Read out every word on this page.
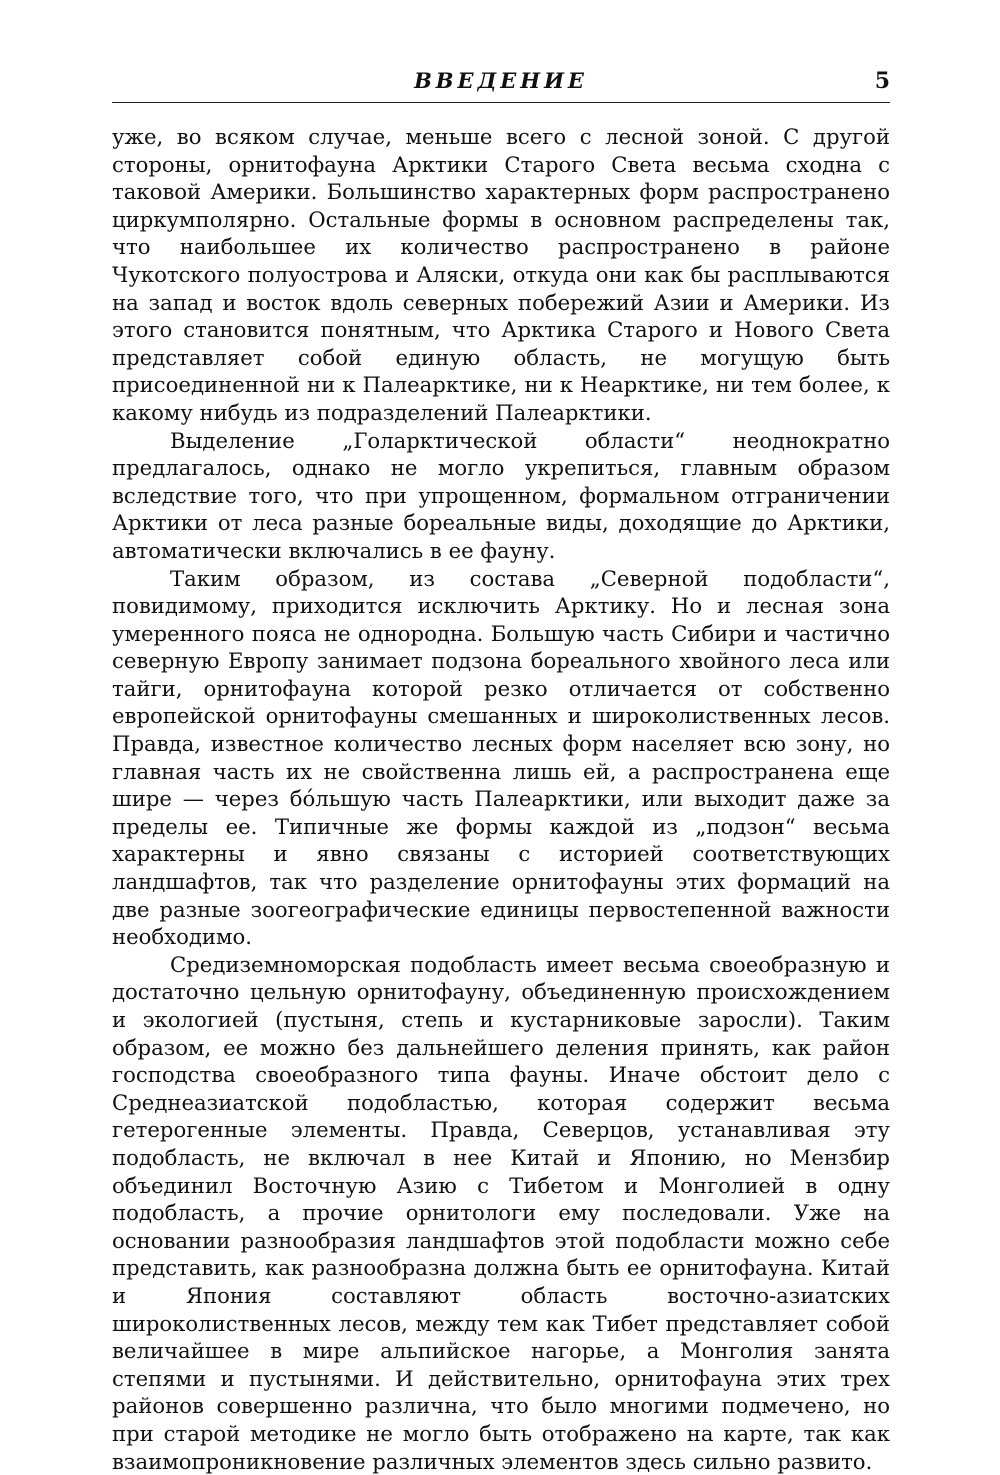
ВВЕДЕНИЕ	5

уже, во всяком случае, меньше всего с лесной зоной. С другой стороны, орнитофауна Арктики Старого Света весьма сходна с таковой Америки. Большинство характерных форм распространено циркумполярно. Остальные формы в основном распределены так, что наибольшее их количество распространено в районе Чукотского полуострова и Аляски, откуда они как бы расплываются на запад и восток вдоль северных побережий Азии и Америки. Из этого становится понятным, что Арктика Старого и Нового Света представляет собой единую область, не могущую быть присоединенной ни к Палеарктике, ни к Неарктике, ни тем более, к какому нибудь из подразделений Палеарктики.

Выделение „Голарктической области“ неоднократно предлагалось, однако не могло укрепиться, главным образом вследствие того, что при упрощенном, формальном отграничении Арктики от леса разные бореальные виды, доходящие до Арктики, автоматически включались в ее фауну.

Таким образом, из состава „Северной подобласти“, повидимому, приходится исключить Арктику. Но и лесная зона умеренного пояса не однородна. Большую часть Сибири и частично северную Европу занимает подзона бореального хвойного леса или тайги, орнитофауна которой резко отличается от собственно европейской орнитофауны смешанных и широколиственных лесов. Правда, известное количество лесных форм населяет всю зону, но главная часть их не свойственна лишь ей, а распространена еще шире — через бо́льшую часть Палеарктики, или выходит даже за пределы ее. Типичные же формы каждой из „подзон“ весьма характерны и явно связаны с историей соответствующих ландшафтов, так что разделение орнитофауны этих формаций на две разные зоогеографические единицы первостепенной важности необходимо.

Средиземноморская подобласть имеет весьма своеобразную и достаточно цельную орнитофауну, объединенную происхождением и экологией (пустыня, степь и кустарниковые заросли). Таким образом, ее можно без дальнейшего деления принять, как район господства своеобразного типа фауны. Иначе обстоит дело с Среднеазиатской подобластью, которая содержит весьма гетерогенные элементы. Правда, Северцов, устанавливая эту подобласть, не включал в нее Китай и Японию, но Мензбир объединил Восточную Азию с Тибетом и Монголией в одну подобласть, а прочие орнитологи ему последовали. Уже на основании разнообразия ландшафтов этой подобласти можно себе представить, как разнообразна должна быть ее орнитофауна. Китай и Япония составляют область восточно-азиатских широколиственных лесов, между тем как Тибет представляет собой величайшее в мире альпийское нагорье, а Монголия занята степями и пустынями. И действительно, орнитофауна этих трех районов совершенно различна, что было многими подмечено, но при старой методике не могло быть отображено на карте, так как взаимопроникновение различных элементов здесь сильно развито.
